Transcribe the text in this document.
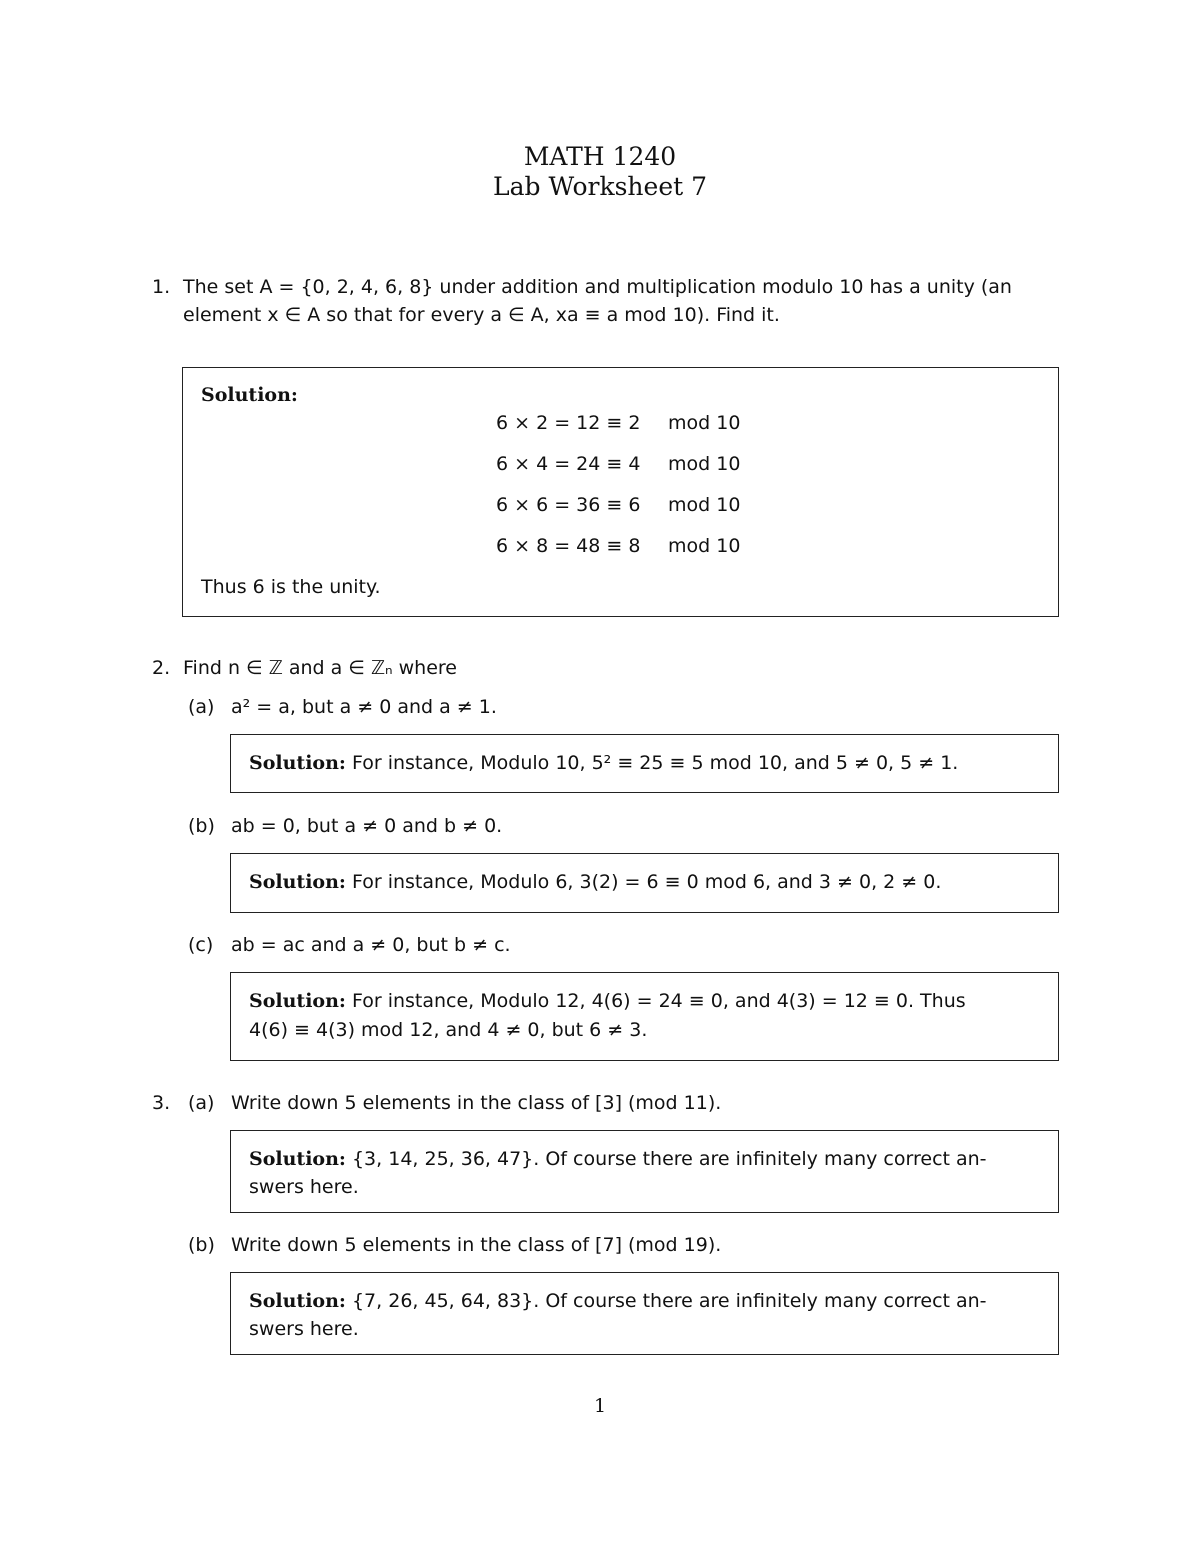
MATH 1240
Lab Worksheet 7
1. The set A = {0, 2, 4, 6, 8} under addition and multiplication modulo 10 has a unity (an
element x ∈ A so that for every a ∈ A, xa ≡ a mod 10). Find it.
Solution:
6 × 2 = 12 ≡ 2 mod 10
6 × 4 = 24 ≡ 4 mod 10
6 × 6 = 36 ≡ 6 mod 10
6 × 8 = 48 ≡ 8 mod 10
Thus 6 is the unity.
2. Find n ∈ ℤ and a ∈ ℤₙ where
(a) a² = a, but a ≠ 0 and a ≠ 1.
Solution: For instance, Modulo 10, 5² ≡ 25 ≡ 5 mod 10, and 5 ≠ 0, 5 ≠ 1.
(b) ab = 0, but a ≠ 0 and b ≠ 0.
Solution: For instance, Modulo 6, 3(2) = 6 ≡ 0 mod 6, and 3 ≠ 0, 2 ≠ 0.
(c) ab = ac and a ≠ 0, but b ≠ c.
Solution: For instance, Modulo 12, 4(6) = 24 ≡ 0, and 4(3) = 12 ≡ 0. Thus
4(6) ≡ 4(3) mod 12, and 4 ≠ 0, but 6 ≠ 3.
3. (a) Write down 5 elements in the class of [3] (mod 11).
Solution: {3, 14, 25, 36, 47}. Of course there are infinitely many correct an-
swers here.
(b) Write down 5 elements in the class of [7] (mod 19).
Solution: {7, 26, 45, 64, 83}. Of course there are infinitely many correct an-
swers here.
1
